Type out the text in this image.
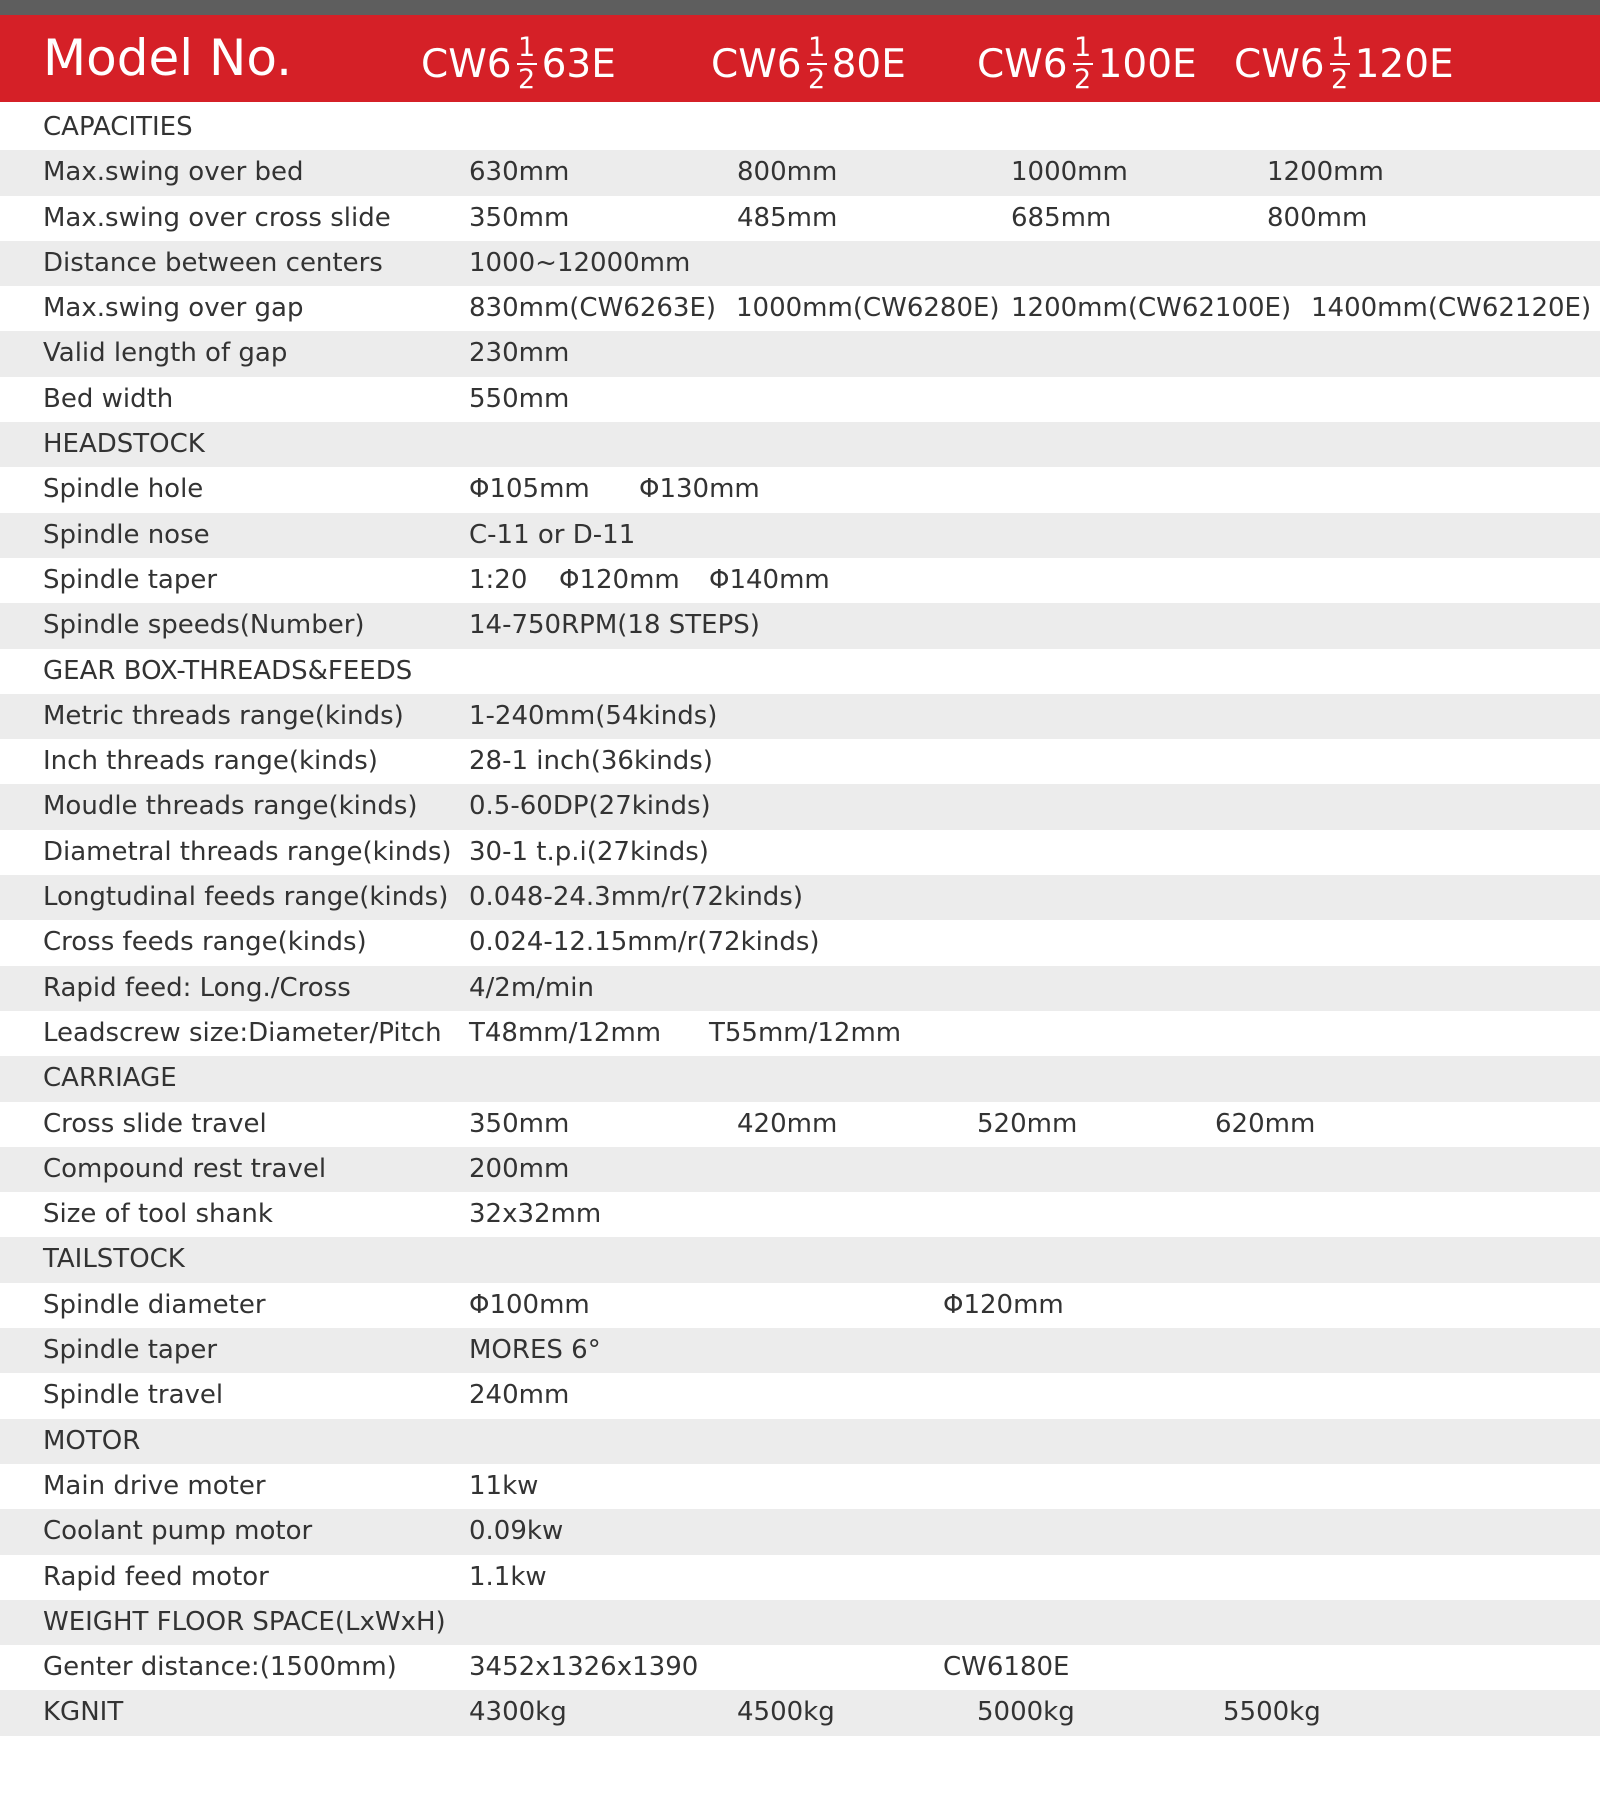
Model No.	$CW6 \frac{1}{2} 63E$ $CW6 \frac{1}{2} 80E$ $CW6 \frac{1}{2} 100E$ $CW6 \frac{1}{2} 120E$
CAPACITIES
Max.swing over bed	630mm	800mm	1000mm	1200mm
Max.swing over cross slide	350mm	485mm	685mm	800mm
Distance between centers	1000~12000mm
Max.swing over gap	830mm(CW6263E) 1000mm(CW6280E) 1200mm(CW62100E) 1400mm(CW62120E)
Valid length of gap	230mm
Bed width	550mm
HEADSTOCK
Spindle hole	Φ105mm Φ130mm
Spindle nose	C-11 or D-11
Spindle taper	1:20 Φ120mm Φ140mm
Spindle speeds(Number)	14-750RPM(18 STEPS)
GEAR BOX-THREADS&FEEDS
Metric threads range(kinds)	1-240mm(54kinds)
Inch threads range(kinds)	28-1 inch(36kinds)
Moudle threads range(kinds) 0.5-60DP(27kinds)
Diametral threads range(kinds) 30-1 t.p.i(27kinds)
Longtudinal feeds range(kinds) 0.048-24.3mm/r(72kinds)
Cross feeds range(kinds)	0.024-12.15mm/r(72kinds)
Rapid feed: Long./Cross	4/2m/min
Leadscrew size:Diameter/Pitch T48mm/12mm T55mm/12mm
CARRIAGE
Cross slide travel	350mm	420mm	520mm	620mm
Compound rest travel	200mm
Size of tool shank	32x32mm
TAILSTOCK
Spindle diameter	Φ100mm	Φ120mm
Spindle taper	MORES 6°
Spindle travel	240mm
MOTOR
Main drive moter	11kw
Coolant pump motor	0.09kw
Rapid feed motor	1.1kw
WEIGHT FLOOR SPACE(LxWxH)
Genter distance:(1500mm)	3452x1326x1390	CW6180E
KGNIT	4300kg	4500kg	5000kg	5500kg
